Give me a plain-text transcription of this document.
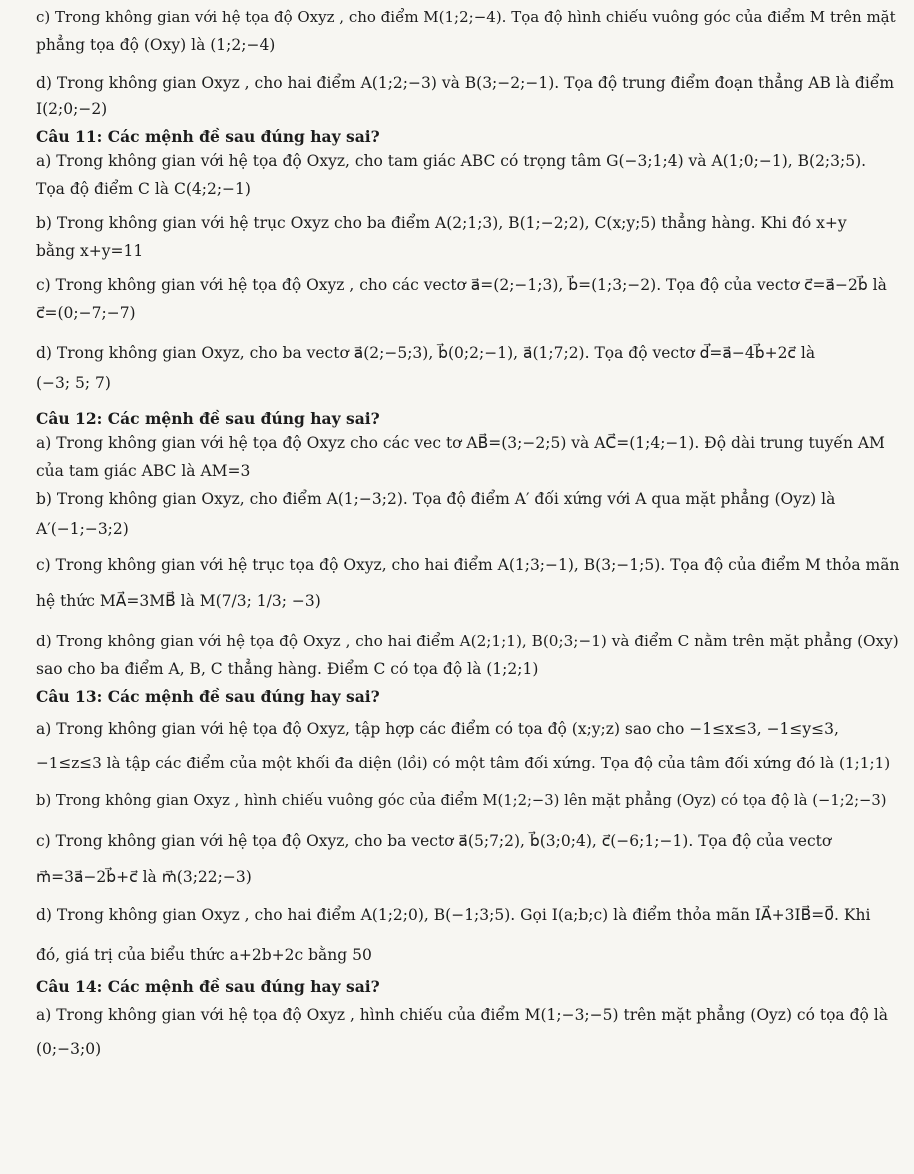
c) Trong không gian với hệ tọa độ Oxyz , cho điểm M(1;2;−4). Tọa độ hình chiếu vuông góc của điểm M trên mặt
phẳng tọa độ (Oxy) là (1;2;−4)
d) Trong không gian Oxyz , cho hai điểm A(1;2;−3) và B(3;−2;−1). Tọa độ trung điểm đoạn thẳng AB là điểm
I(2;0;−2)
Câu 11: Các mệnh đề sau đúng hay sai?
a) Trong không gian với hệ tọa độ Oxyz, cho tam giác ABC có trọng tâm G(−3;1;4) và A(1;0;−1), B(2;3;5).
Tọa độ điểm C là C(4;2;−1)
b) Trong không gian với hệ trục Oxyz cho ba điểm A(2;1;3), B(1;−2;2), C(x;y;5) thẳng hàng. Khi đó x+y
bằng x+y=11
c) Trong không gian với hệ tọa độ Oxyz , cho các vectơ a⃗=(2;−1;3), b⃗=(1;3;−2). Tọa độ của vectơ c⃗=a⃗−2b⃗ là
c⃗=(0;−7;−7)
d) Trong không gian Oxyz, cho ba vectơ a⃗(2;−5;3), b⃗(0;2;−1), a⃗(1;7;2). Tọa độ vectơ d⃗=a⃗−4b⃗+2c⃗ là
(−3; 5; 7)
Câu 12: Các mệnh đề sau đúng hay sai?
a) Trong không gian với hệ tọa độ Oxyz cho các vec tơ AB⃗=(3;−2;5) và AC⃗=(1;4;−1). Độ dài trung tuyến AM
của tam giác ABC là AM=3
b) Trong không gian Oxyz, cho điểm A(1;−3;2). Tọa độ điểm A′ đối xứng với A qua mặt phẳng (Oyz) là
A′(−1;−3;2)
c) Trong không gian với hệ trục tọa độ Oxyz, cho hai điểm A(1;3;−1), B(3;−1;5). Tọa độ của điểm M thỏa mãn
hệ thức MA⃗=3MB⃗ là M(7/3; 1/3; −3)
d) Trong không gian với hệ tọa độ Oxyz , cho hai điểm A(2;1;1), B(0;3;−1) và điểm C nằm trên mặt phẳng (Oxy)
sao cho ba điểm A, B, C thẳng hàng. Điểm C có tọa độ là (1;2;1)
Câu 13: Các mệnh đề sau đúng hay sai?
a) Trong không gian với hệ tọa độ Oxyz, tập hợp các điểm có tọa độ (x;y;z) sao cho −1≤x≤3, −1≤y≤3,
−1≤z≤3 là tập các điểm của một khối đa diện (lồi) có một tâm đối xứng. Tọa độ của tâm đối xứng đó là (1;1;1)
b) Trong không gian Oxyz , hình chiếu vuông góc của điểm M(1;2;−3) lên mặt phẳng (Oyz) có tọa độ là (−1;2;−3)
c) Trong không gian với hệ tọa độ Oxyz, cho ba vectơ a⃗(5;7;2), b⃗(3;0;4), c⃗(−6;1;−1). Tọa độ của vectơ
m⃗=3a⃗−2b⃗+c⃗ là m⃗(3;22;−3)
d) Trong không gian Oxyz , cho hai điểm A(1;2;0), B(−1;3;5). Gọi I(a;b;c) là điểm thỏa mãn IA⃗+3IB⃗=0⃗. Khi
đó, giá trị của biểu thức a+2b+2c bằng 50
Câu 14: Các mệnh đề sau đúng hay sai?
a) Trong không gian với hệ tọa độ Oxyz , hình chiếu của điểm M(1;−3;−5) trên mặt phẳng (Oyz) có tọa độ là
(0;−3;0)
